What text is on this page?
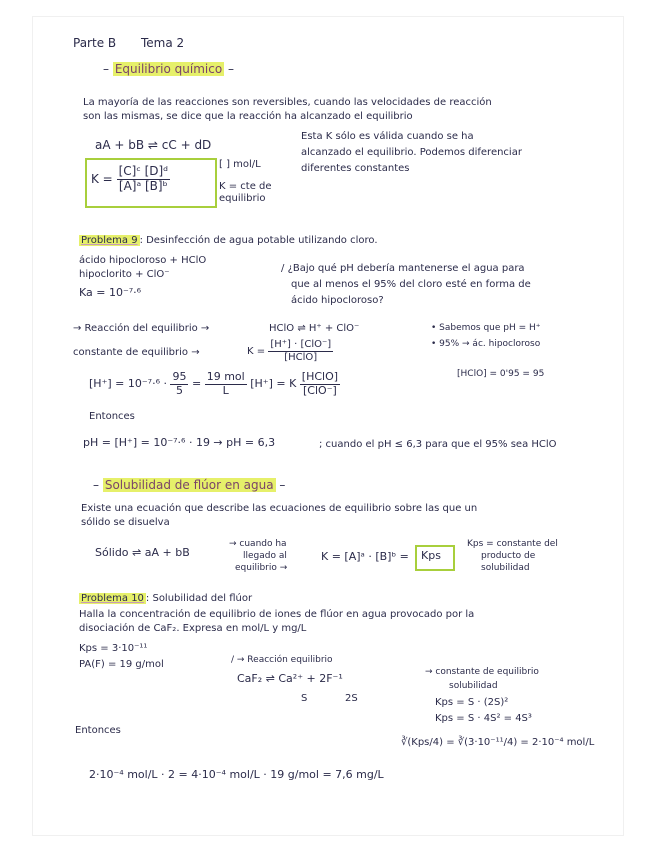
Parte B Tema 2
– Equilibrio químico –
La mayoría de las reacciones son reversibles, cuando las velocidades de reacción
son las mismas, se dice que la reacción ha alcanzado el equilibrio
aA + bB ⇌ cC + dD
$K = \frac{\text{[C]ᶜ [D]ᵈ}}{\text{[A]ᵃ [B]ᵇ}}$
[ ] mol/L
K = cte de
equilibrio
Esta K sólo es válida cuando se ha
alcanzado el equilibrio. Podemos diferenciar
diferentes constantes
Problema 9 : Desinfección de agua potable utilizando cloro.
ácido hipocloroso + HClO
hipoclorito + ClO⁻
Ka = 10⁻⁷·⁶
/ ¿Bajo qué pH debería mantenerse el agua para
que al menos el 95% del cloro esté en forma de
ácido hipocloroso?
→ Reacción del equilibrio →	HClO ⇌ H⁺ + ClO⁻
constante de equilibrio →	$K = \frac{\text{[H⁺] · [ClO⁻]}}{\text{[HClO]}}$
• Sabemos que pH = H⁺
• 95% → ác. hipocloroso
[HClO] = 0'95 = 95
$[H^+] = 10^{-7}\cdot^6 \cdot \frac{95}{5} = \frac{\text{19 mol}}{L} [H^+] = K \frac{\text{[HClO]}}{\text{[ClO⁻]}}$
Entonces
pH = [H⁺] = 10⁻⁷·⁶ · 19 → pH = 6,3	; cuando el pH ≤ 6,3 para que el 95% sea HClO
– Solubilidad de flúor en agua –
Existe una ecuación que describe las ecuaciones de equilibrio sobre las que un
sólido se disuelva
Sólido ⇌ aA + bB
→ cuando ha
llegado al
equilibrio →
K = [A]ᵃ · [B]ᵇ = Kps
Kps = constante del
producto de
solubilidad
Problema 10 : Solubilidad del flúor
Halla la concentración de equilibrio de iones de flúor en agua provocado por la
disociación de CaF₂. Expresa en mol/L y mg/L
Kps = 3·10⁻¹¹
PA(F) = 19 g/mol	/ → Reacción equilibrio
CaF₂ ⇌ Ca²⁺ + 2F⁻¹
S	2S
→ constante de equilibrio
solubilidad
Kps = S · (2S)²
Kps = S · 4S² = 4S³
∛(Kps/4) = ∛(3·10⁻¹¹/4) = 2·10⁻⁴ mol/L
Entonces
2·10⁻⁴ mol/L · 2 = 4·10⁻⁴ mol/L · 19 g/mol = 7,6 mg/L
